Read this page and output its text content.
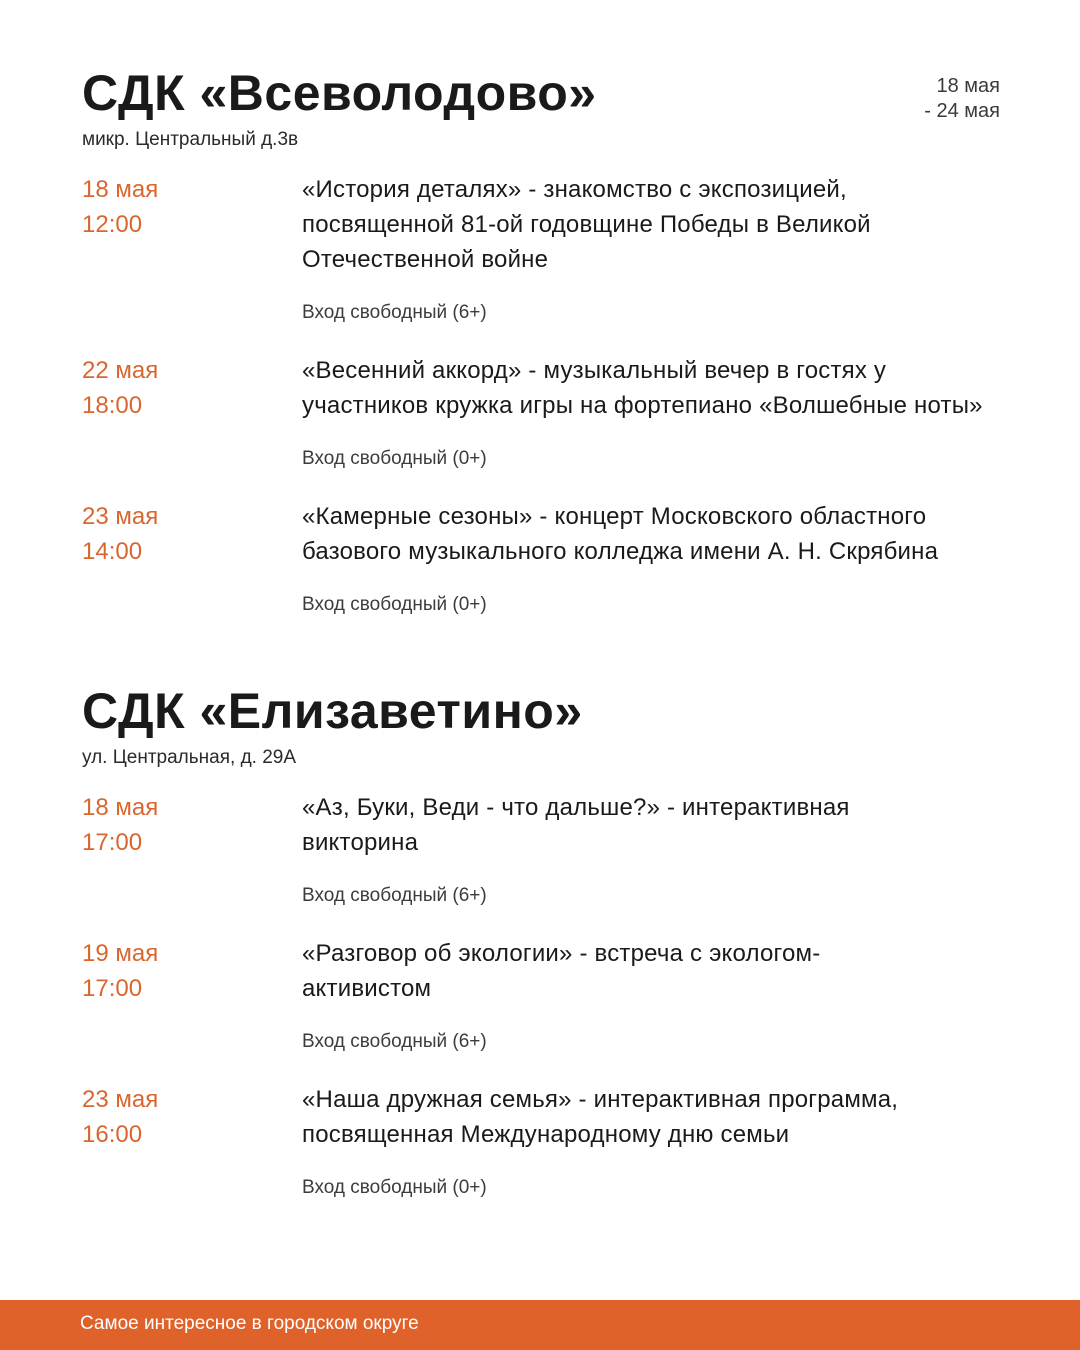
18 мая
- 24 мая
СДК «Всеволодово»
микр. Центральный д.3в
18 мая
12:00
«История деталях» - знакомство с экспозицией, посвященной 81-ой годовщине Победы в Великой Отечественной войне
Вход свободный (6+)
22 мая
18:00
«Весенний аккорд» - музыкальный вечер в гостях у участников кружка игры на фортепиано «Волшебные ноты»
Вход свободный (0+)
23 мая
14:00
«Камерные сезоны» - концерт Московского областного базового музыкального колледжа имени А. Н. Скрябина
Вход свободный (0+)
СДК «Елизаветино»
ул. Центральная, д. 29А
18 мая
17:00
«Аз, Буки, Веди - что дальше?» - интерактивная викторина
Вход свободный (6+)
19 мая
17:00
«Разговор об экологии» - встреча с экологом-активистом
Вход свободный (6+)
23 мая
16:00
«Наша дружная семья» - интерактивная программа, посвященная Международному дню семьи
Вход свободный (0+)
Самое интересное в городском округе
